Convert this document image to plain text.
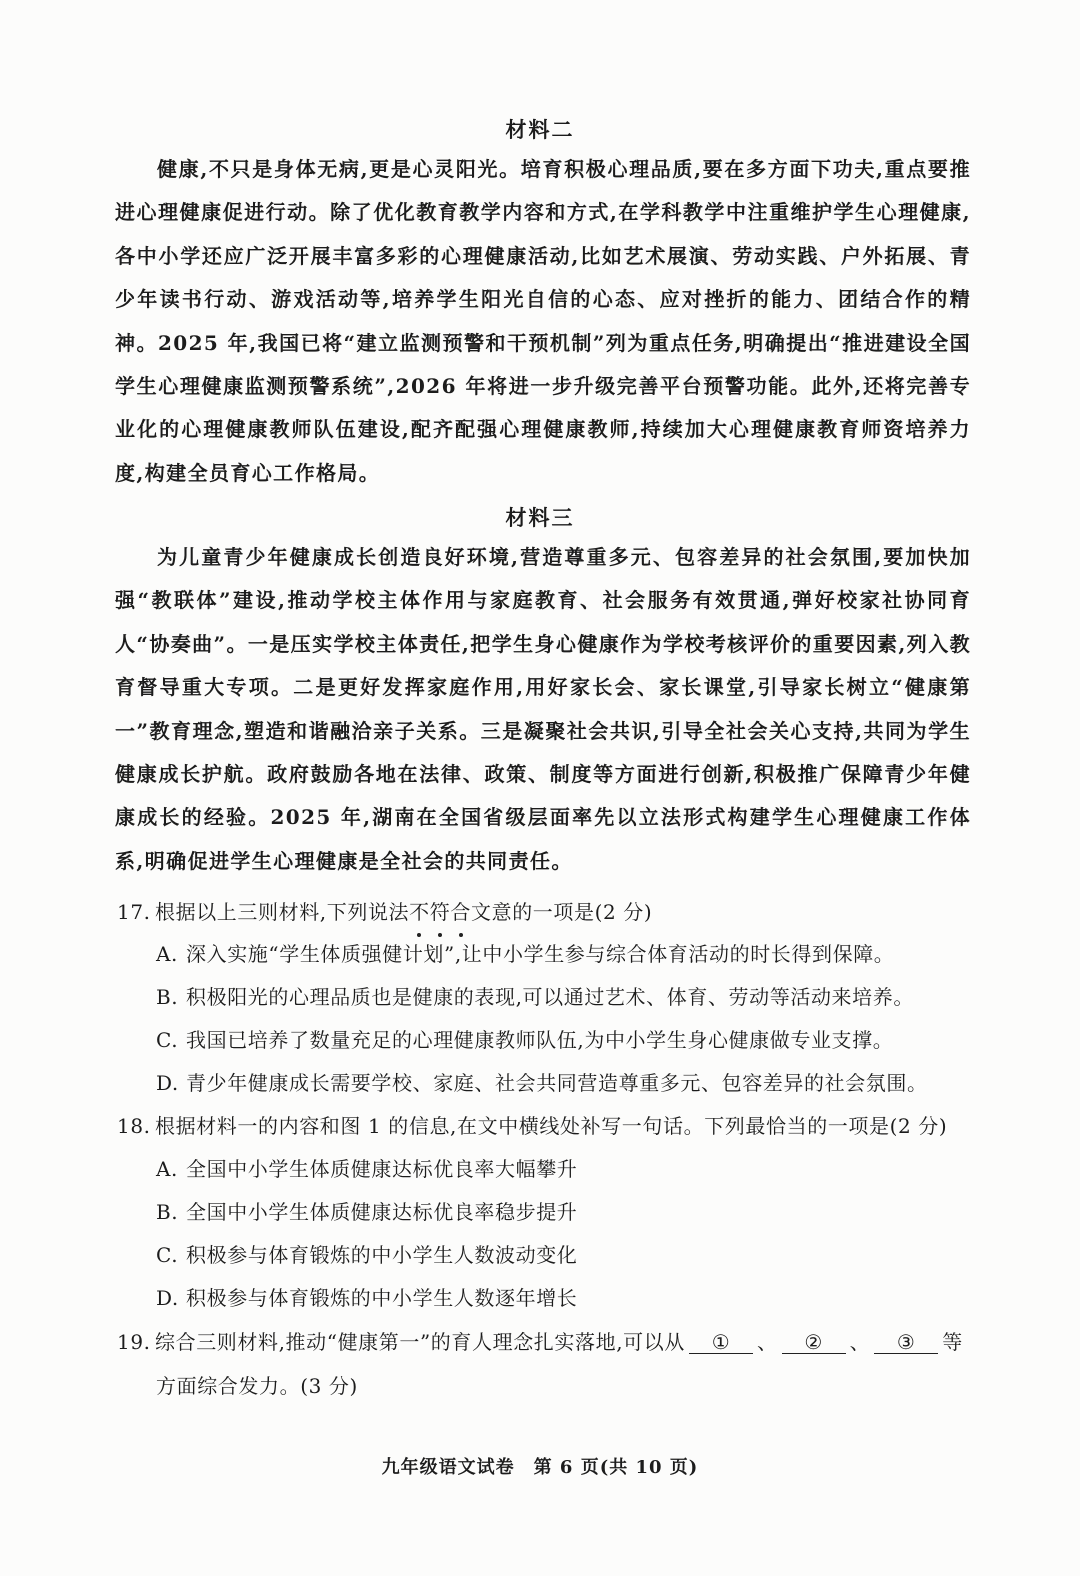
材料二
健康,不只是身体无病,更是心灵阳光。培育积极心理品质,要在多方面下功夫,重点要推进心理健康促进行动。除了优化教育教学内容和方式,在学科教学中注重维护学生心理健康,各中小学还应广泛开展丰富多彩的心理健康活动,比如艺术展演、劳动实践、户外拓展、青少年读书行动、游戏活动等,培养学生阳光自信的心态、应对挫折的能力、团结合作的精神。2025 年,我国已将“建立监测预警和干预机制”列为重点任务,明确提出“推进建设全国学生心理健康监测预警系统”,2026 年将进一步升级完善平台预警功能。此外,还将完善专业化的心理健康教师队伍建设,配齐配强心理健康教师,持续加大心理健康教育师资培养力度,构建全员育心工作格局。
材料三
为儿童青少年健康成长创造良好环境,营造尊重多元、包容差异的社会氛围,要加快加强“教联体”建设,推动学校主体作用与家庭教育、社会服务有效贯通,弹好校家社协同育人“协奏曲”。一是压实学校主体责任,把学生身心健康作为学校考核评价的重要因素,列入教育督导重大专项。二是更好发挥家庭作用,用好家长会、家长课堂,引导家长树立“健康第一”教育理念,塑造和谐融洽亲子关系。三是凝聚社会共识,引导全社会关心支持,共同为学生健康成长护航。政府鼓励各地在法律、政策、制度等方面进行创新,积极推广保障青少年健康成长的经验。2025 年,湖南在全国省级层面率先以立法形式构建学生心理健康工作体系,明确促进学生心理健康是全社会的共同责任。
17. 根据以上三则材料,下列说法不
符
合
文意的一项是(2 分)
A. 深入实施“学生体质强健计划”,让中小学生参与综合体育活动的时长得到保障。
B. 积极阳光的心理品质也是健康的表现,可以通过艺术、体育、劳动等活动来培养。
C. 我国已培养了数量充足的心理健康教师队伍,为中小学生身心健康做专业支撑。
D. 青少年健康成长需要学校、家庭、社会共同营造尊重多元、包容差异的社会氛围。
18. 根据材料一的内容和图 1 的信息,在文中横线处补写一句话。下列最恰当的一项是(2 分)
A. 全国中小学生体质健康达标优良率大幅攀升
B. 全国中小学生体质健康达标优良率稳步提升
C. 积极参与体育锻炼的中小学生人数波动变化
D. 积极参与体育锻炼的中小学生人数逐年增长
19. 综合三则材料,推动“健康第一”的育人理念扎实落地,可以从 ① 、 ② 、 ③ 等
方面综合发力。(3 分)
九年级语文试卷　第 6 页(共 10 页)
